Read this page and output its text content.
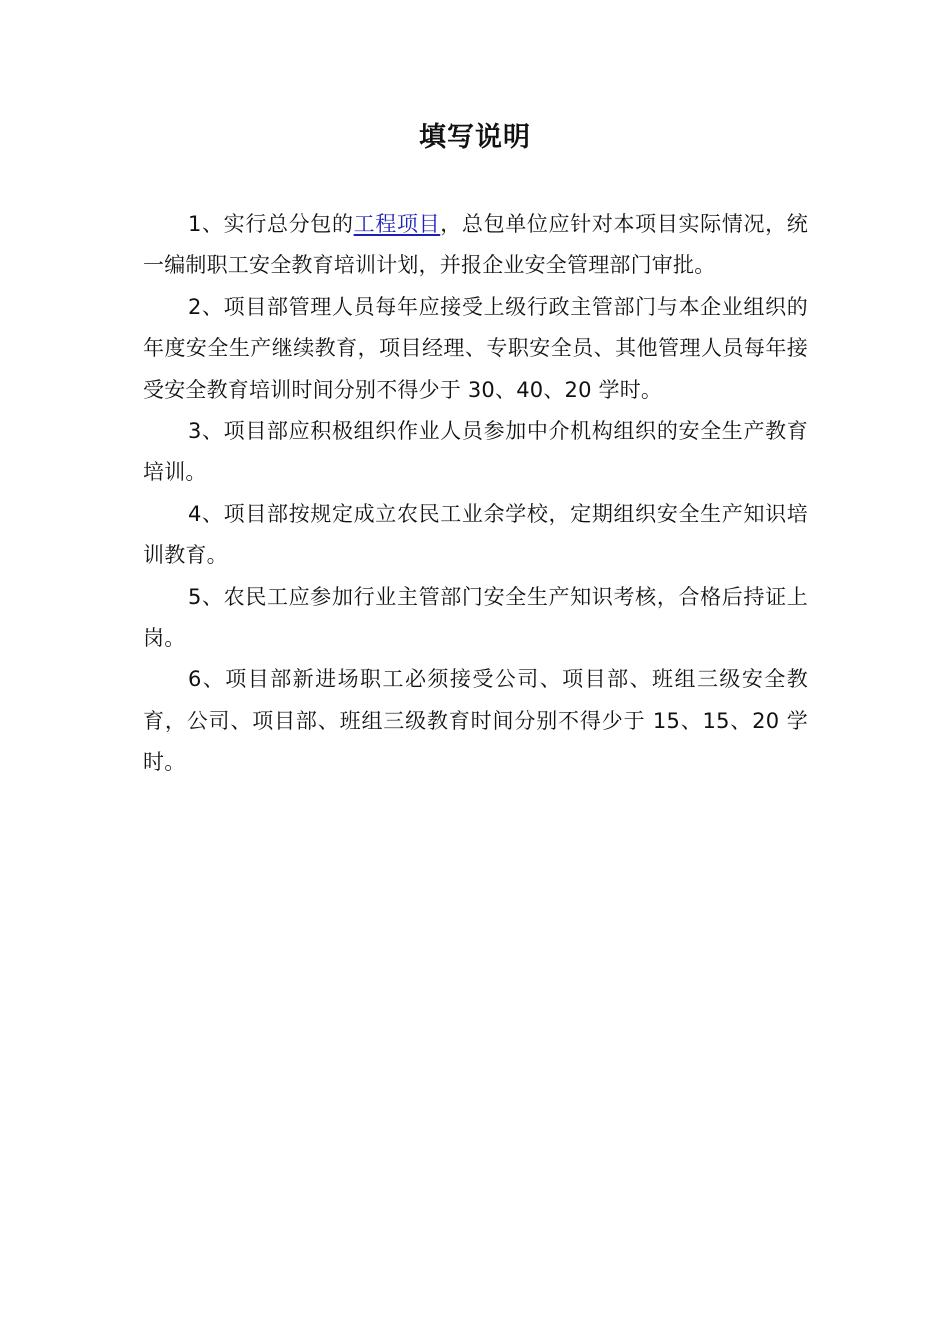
填写说明

1、实行总分包的工程项目，总包单位应针对本项目实际情况，统一编制职工安全教育培训计划，并报企业安全管理部门审批。

2、项目部管理人员每年应接受上级行政主管部门与本企业组织的年度安全生产继续教育，项目经理、专职安全员、其他管理人员每年接受安全教育培训时间分别不得少于 30、40、20 学时。

3、项目部应积极组织作业人员参加中介机构组织的安全生产教育培训。

4、项目部按规定成立农民工业余学校，定期组织安全生产知识培训教育。

5、农民工应参加行业主管部门安全生产知识考核，合格后持证上岗。

6、项目部新进场职工必须接受公司、项目部、班组三级安全教育，公司、项目部、班组三级教育时间分别不得少于 15、15、20 学时。
